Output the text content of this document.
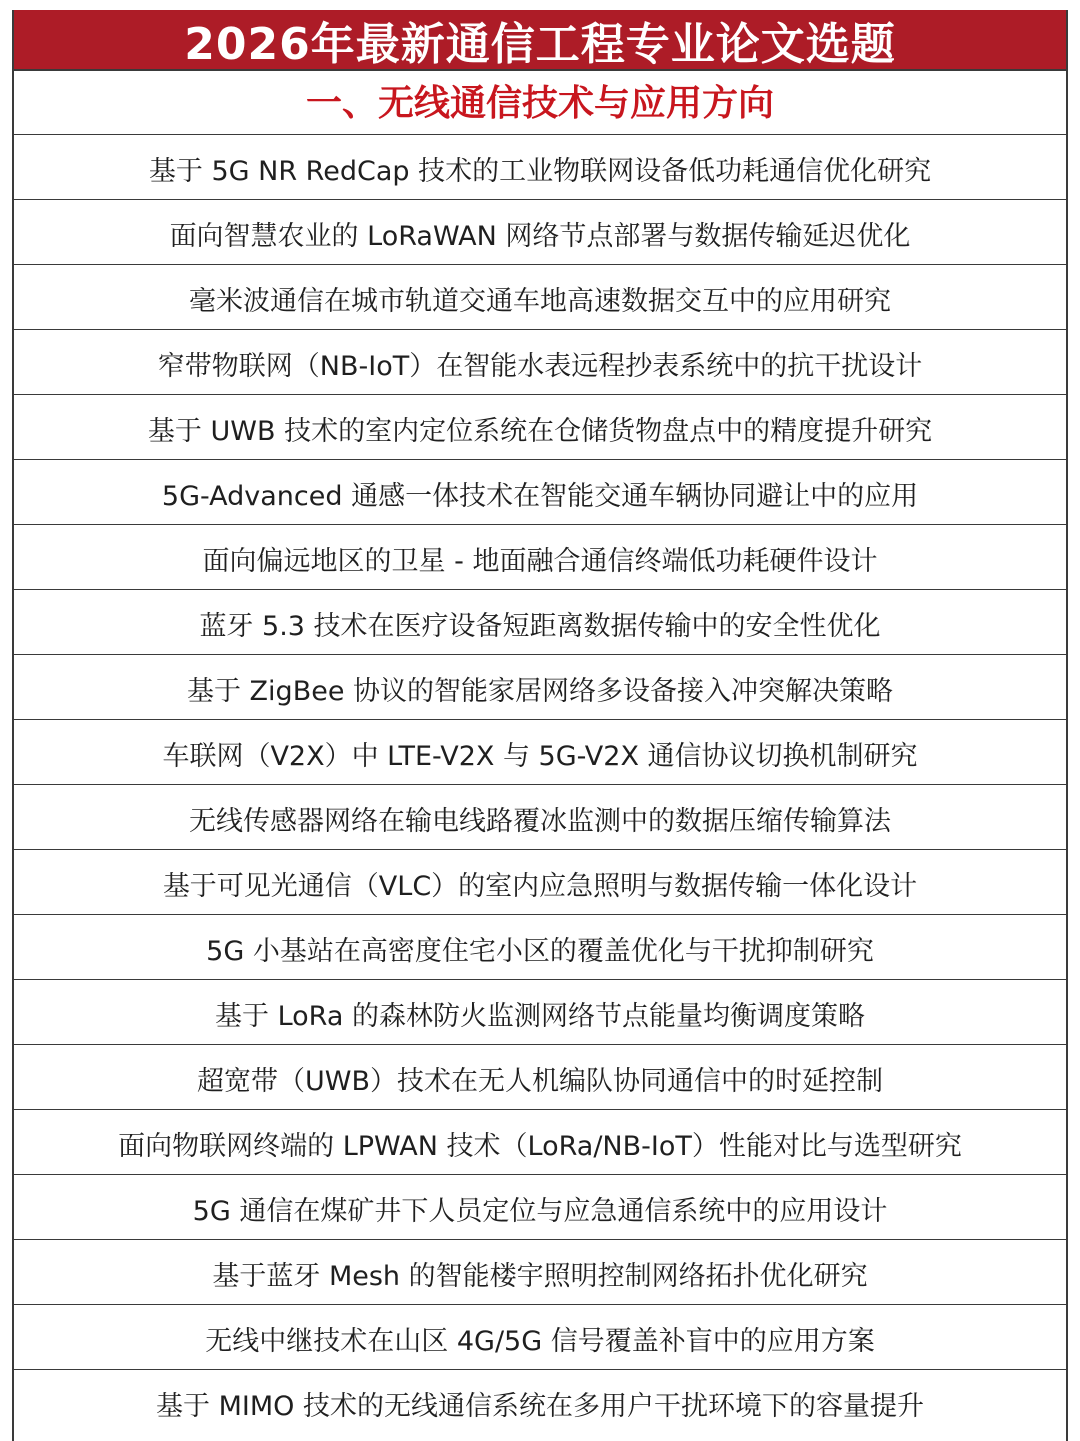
2026年最新通信工程专业论文选题
一、无线通信技术与应用方向
基于 5G NR RedCap 技术的工业物联网设备低功耗通信优化研究
面向智慧农业的 LoRaWAN 网络节点部署与数据传输延迟优化
毫米波通信在城市轨道交通车地高速数据交互中的应用研究
窄带物联网（NB-IoT）在智能水表远程抄表系统中的抗干扰设计
基于 UWB 技术的室内定位系统在仓储货物盘点中的精度提升研究
5G-Advanced 通感一体技术在智能交通车辆协同避让中的应用
面向偏远地区的卫星 - 地面融合通信终端低功耗硬件设计
蓝牙 5.3 技术在医疗设备短距离数据传输中的安全性优化
基于 ZigBee 协议的智能家居网络多设备接入冲突解决策略
车联网（V2X）中 LTE-V2X 与 5G-V2X 通信协议切换机制研究
无线传感器网络在输电线路覆冰监测中的数据压缩传输算法
基于可见光通信（VLC）的室内应急照明与数据传输一体化设计
5G 小基站在高密度住宅小区的覆盖优化与干扰抑制研究
基于 LoRa 的森林防火监测网络节点能量均衡调度策略
超宽带（UWB）技术在无人机编队协同通信中的时延控制
面向物联网终端的 LPWAN 技术（LoRa/NB-IoT）性能对比与选型研究
5G 通信在煤矿井下人员定位与应急通信系统中的应用设计
基于蓝牙 Mesh 的智能楼宇照明控制网络拓扑优化研究
无线中继技术在山区 4G/5G 信号覆盖补盲中的应用方案
基于 MIMO 技术的无线通信系统在多用户干扰环境下的容量提升
